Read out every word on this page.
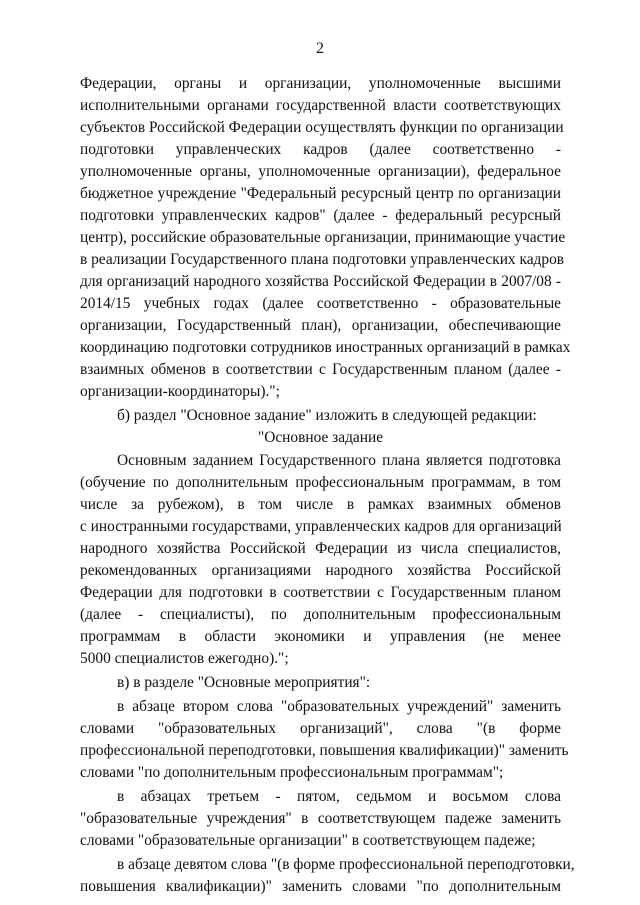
2
Федерации, органы и организации, уполномоченные высшими
исполнительными органами государственной власти соответствующих
субъектов Российской Федерации осуществлять функции по организации
подготовки управленческих кадров (далее соответственно -
уполномоченные органы, уполномоченные организации), федеральное
бюджетное учреждение "Федеральный ресурсный центр по организации
подготовки управленческих кадров" (далее - федеральный ресурсный
центр), российские образовательные организации, принимающие участие
в реализации Государственного плана подготовки управленческих кадров
для организаций народного хозяйства Российской Федерации в 2007/08 -
2014/15 учебных годах (далее соответственно - образовательные
организации, Государственный план), организации, обеспечивающие
координацию подготовки сотрудников иностранных организаций в рамках
взаимных обменов в соответствии с Государственным планом (далее -
организации-координаторы).";
б) раздел "Основное задание" изложить в следующей редакции:
"Основное задание
Основным заданием Государственного плана является подготовка
(обучение по дополнительным профессиональным программам, в том
числе за рубежом), в том числе в рамках взаимных обменов
с иностранными государствами, управленческих кадров для организаций
народного хозяйства Российской Федерации из числа специалистов,
рекомендованных организациями народного хозяйства Российской
Федерации для подготовки в соответствии с Государственным планом
(далее - специалисты), по дополнительным профессиональным
программам в области экономики и управления (не менее
5000 специалистов ежегодно).";
в) в разделе "Основные мероприятия":
в абзаце втором слова "образовательных учреждений" заменить
словами "образовательных организаций", слова "(в форме
профессиональной переподготовки, повышения квалификации)" заменить
словами "по дополнительным профессиональным программам";
в абзацах третьем - пятом, седьмом и восьмом слова
"образовательные учреждения" в соответствующем падеже заменить
словами "образовательные организации" в соответствующем падеже;
в абзаце девятом слова "(в форме профессиональной переподготовки,
повышения квалификации)" заменить словами "по дополнительным
